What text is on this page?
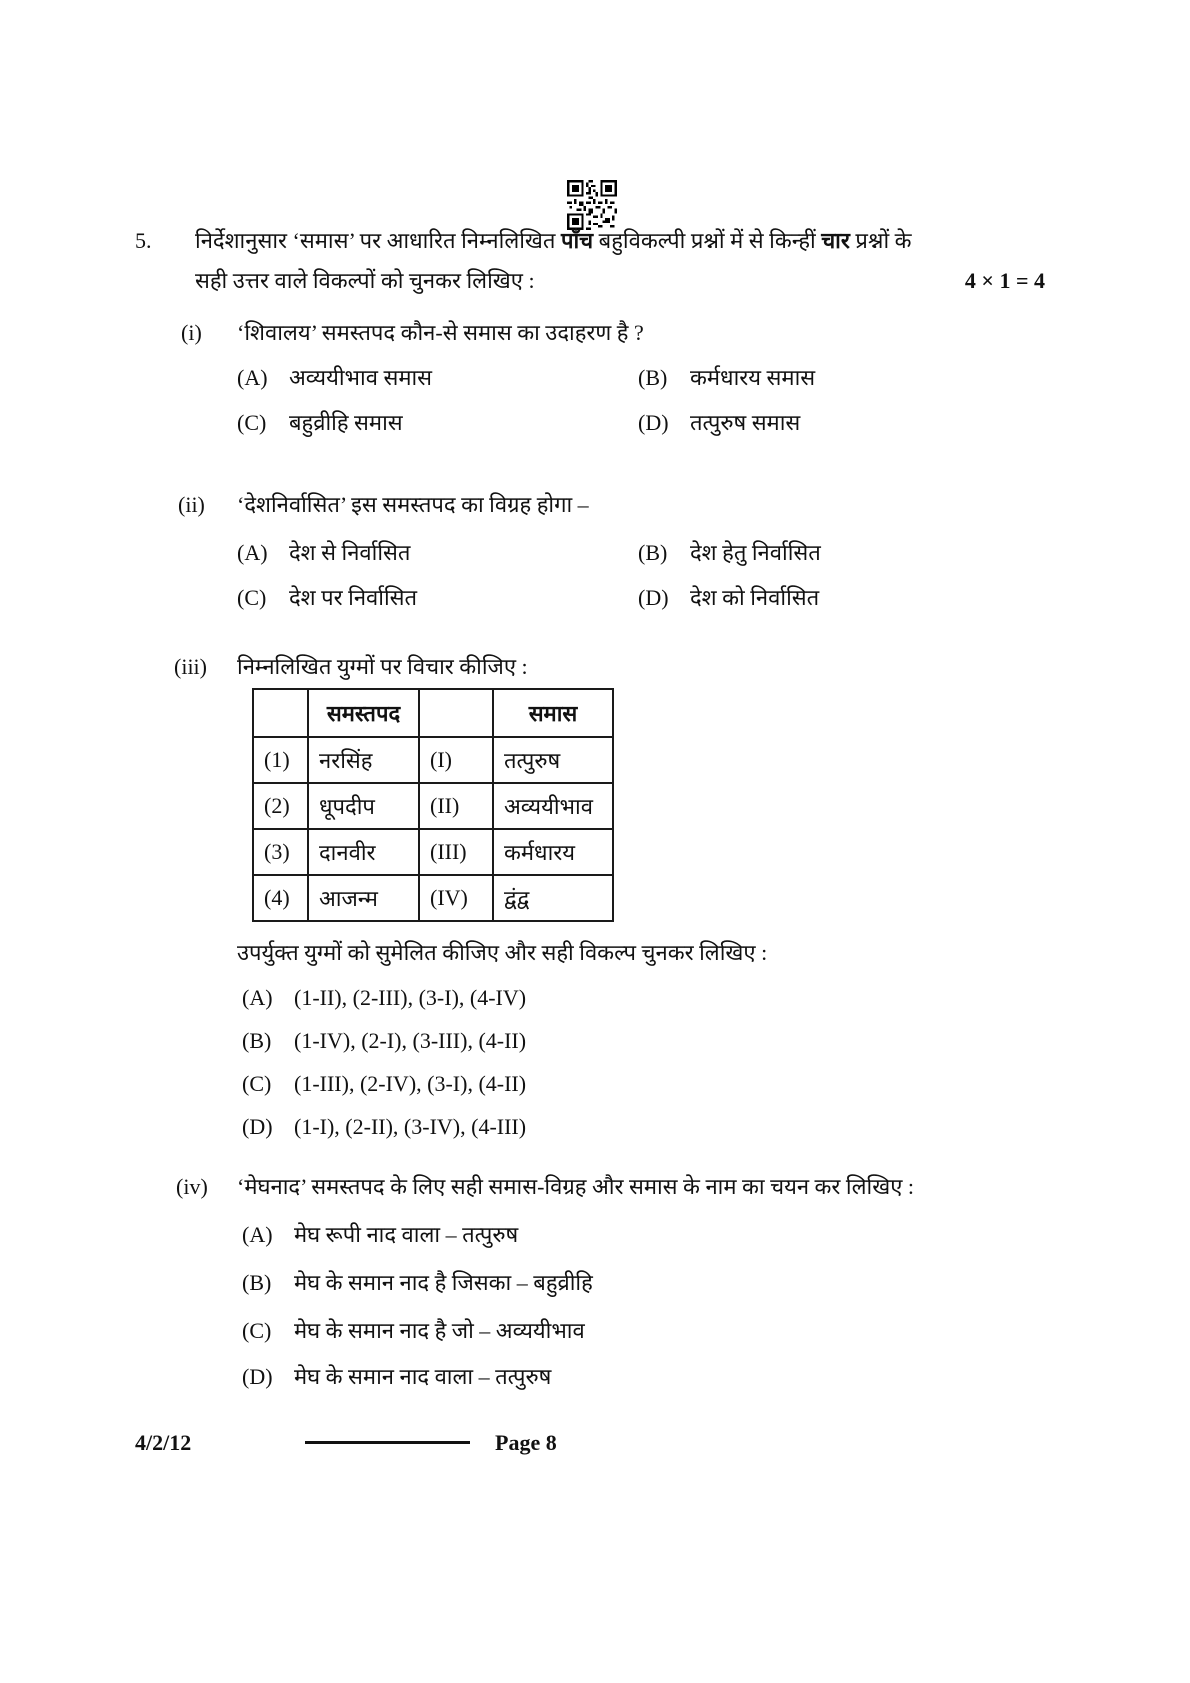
5. निर्देशानुसार ‘समास’ पर आधारित निम्नलिखित पाँच बहुविकल्पी प्रश्नों में से किन्हीं चार प्रश्नों के
सही उत्तर वाले विकल्पों को चुनकर लिखिए :	4 × 1 = 4
(i) ‘शिवालय’ समस्तपद कौन-से समास का उदाहरण है ?
(A) अव्ययीभाव समास	(B) कर्मधारय समास
(C) बहुव्रीहि समास	(D) तत्पुरुष समास
(ii) ‘देशनिर्वासित’ इस समस्तपद का विग्रह होगा –
(A) देश से निर्वासित	(B) देश हेतु निर्वासित
(C) देश पर निर्वासित	(D) देश को निर्वासित
(iii) निम्नलिखित युग्मों पर विचार कीजिए :
	समस्तपद		समास
(1)	नरसिंह	(I)	तत्पुरुष
(2)	धूपदीप	(II)	अव्ययीभाव
(3)	दानवीर	(III)	कर्मधारय
(4)	आजन्म	(IV)	द्वंद्व
उपर्युक्त युग्मों को सुमेलित कीजिए और सही विकल्प चुनकर लिखिए :
(A) (1-II), (2-III), (3-I), (4-IV)
(B) (1-IV), (2-I), (3-III), (4-II)
(C) (1-III), (2-IV), (3-I), (4-II)
(D) (1-I), (2-II), (3-IV), (4-III)
(iv) ‘मेघनाद’ समस्तपद के लिए सही समास-विग्रह और समास के नाम का चयन कर लिखिए :
(A) मेघ रूपी नाद वाला – तत्पुरुष
(B) मेघ के समान नाद है जिसका – बहुव्रीहि
(C) मेघ के समान नाद है जो – अव्ययीभाव
(D) मेघ के समान नाद वाला – तत्पुरुष
4/2/12	Page 8
